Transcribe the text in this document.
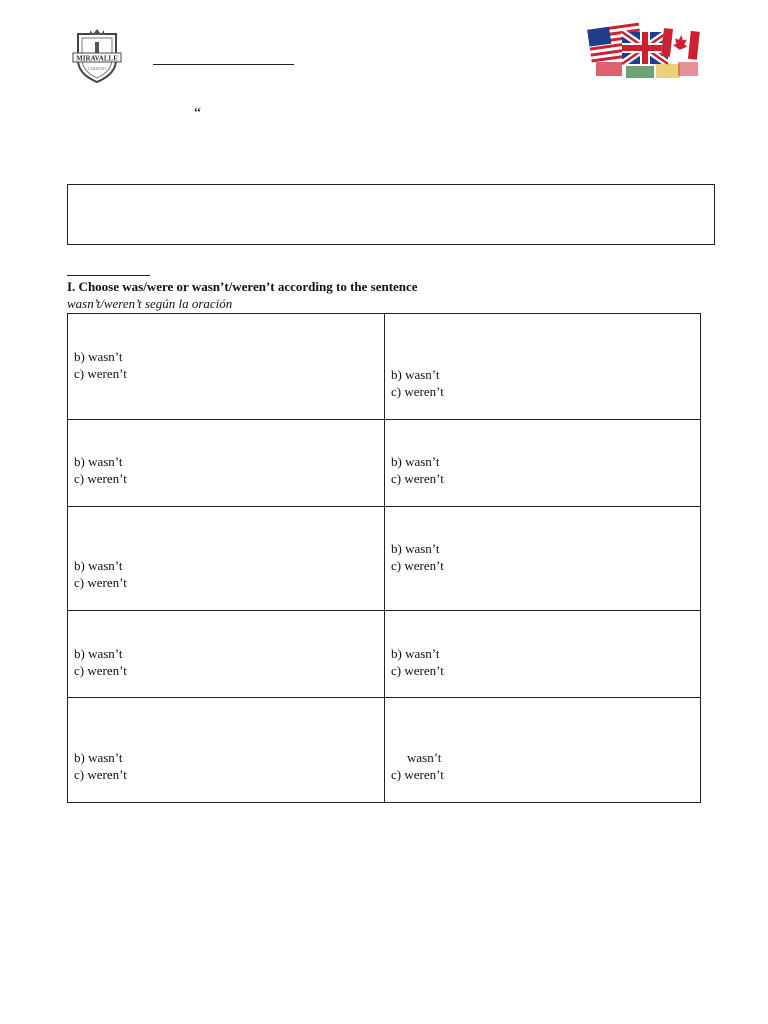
MIRAVALLE
COLEGIO
“
I. Choose was/were or wasn’t/weren’t according to the sentence
wasn’t/weren’t según la oración
b) wasn’t
c) weren’t	b) wasn’t
c) weren’t
b) wasn’t
c) weren’t
b) wasn’t
c) weren’t
b) wasn’t
c) weren’t
b) wasn’t
c) weren’t
b) wasn’t
c) weren’t
b) wasn’t
c) weren’t
b) wasn’t
c) weren’t
wasn’t
c) weren’t
